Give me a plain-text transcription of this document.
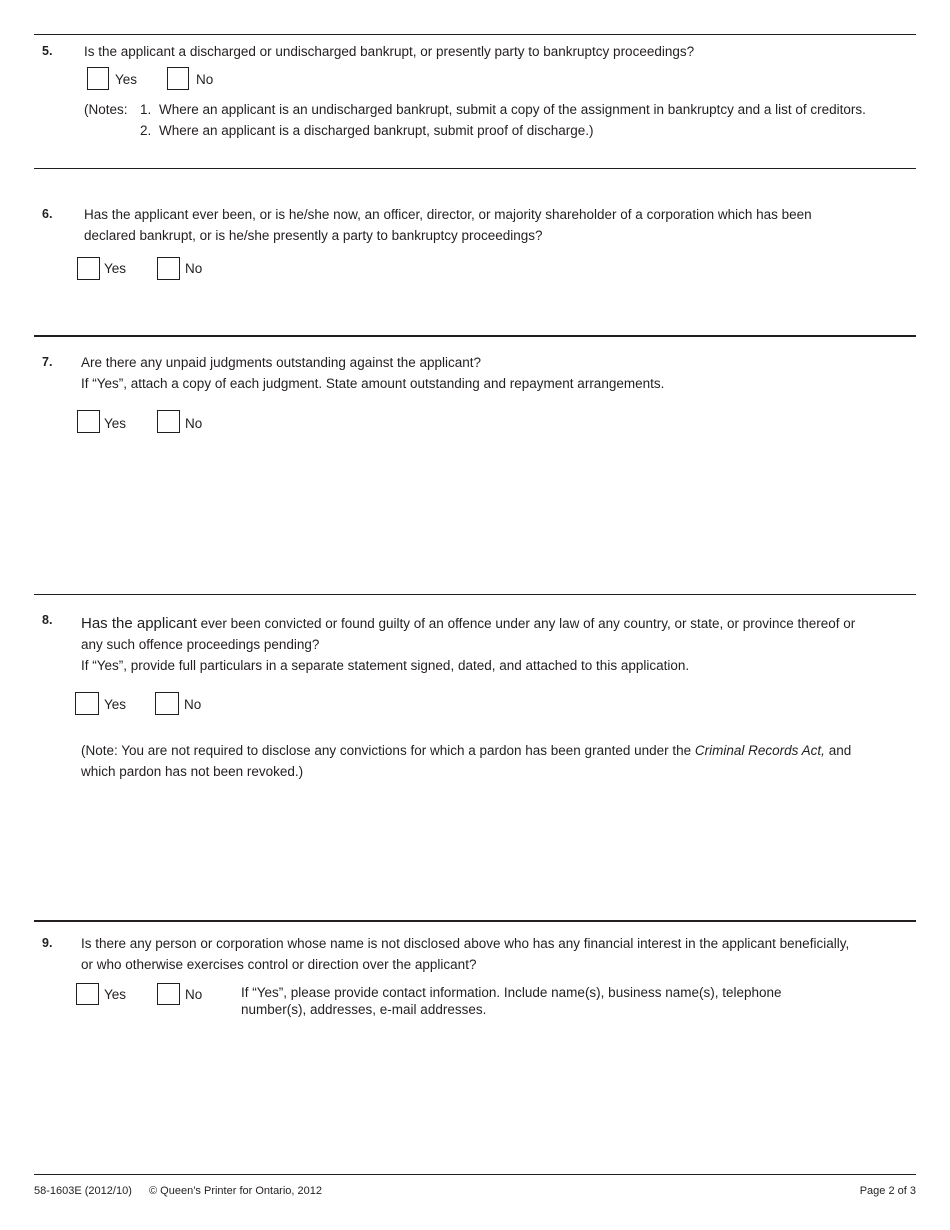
5. Is the applicant a discharged or undischarged bankrupt, or presently party to bankruptcy proceedings?
Yes	No
(Notes: 1. Where an applicant is an undischarged bankrupt, submit a copy of the assignment in bankruptcy and a list of creditors.
2. Where an applicant is a discharged bankrupt, submit proof of discharge.)
6. Has the applicant ever been, or is he/she now, an officer, director, or majority shareholder of a corporation which has been
declared bankrupt, or is he/she presently a party to bankruptcy proceedings?
Yes	No
7. Are there any unpaid judgments outstanding against the applicant?
If “Yes”, attach a copy of each judgment. State amount outstanding and repayment arrangements.
Yes	No
8. Has the applicant ever been convicted or found guilty of an offence under any law of any country, or state, or province thereof or
any such offence proceedings pending?
If “Yes”, provide full particulars in a separate statement signed, dated, and attached to this application.
Yes	No
(Note: You are not required to disclose any convictions for which a pardon has been granted under the Criminal Records Act, and
which pardon has not been revoked.)
9. Is there any person or corporation whose name is not disclosed above who has any financial interest in the applicant beneficially,
or who otherwise exercises control or direction over the applicant?
Yes	No	If “Yes”, please provide contact information. Include name(s), business name(s), telephone
number(s), addresses, e-mail addresses.
58-1603E (2012/10) © Queen’s Printer for Ontario, 2012	Page 2 of 3
